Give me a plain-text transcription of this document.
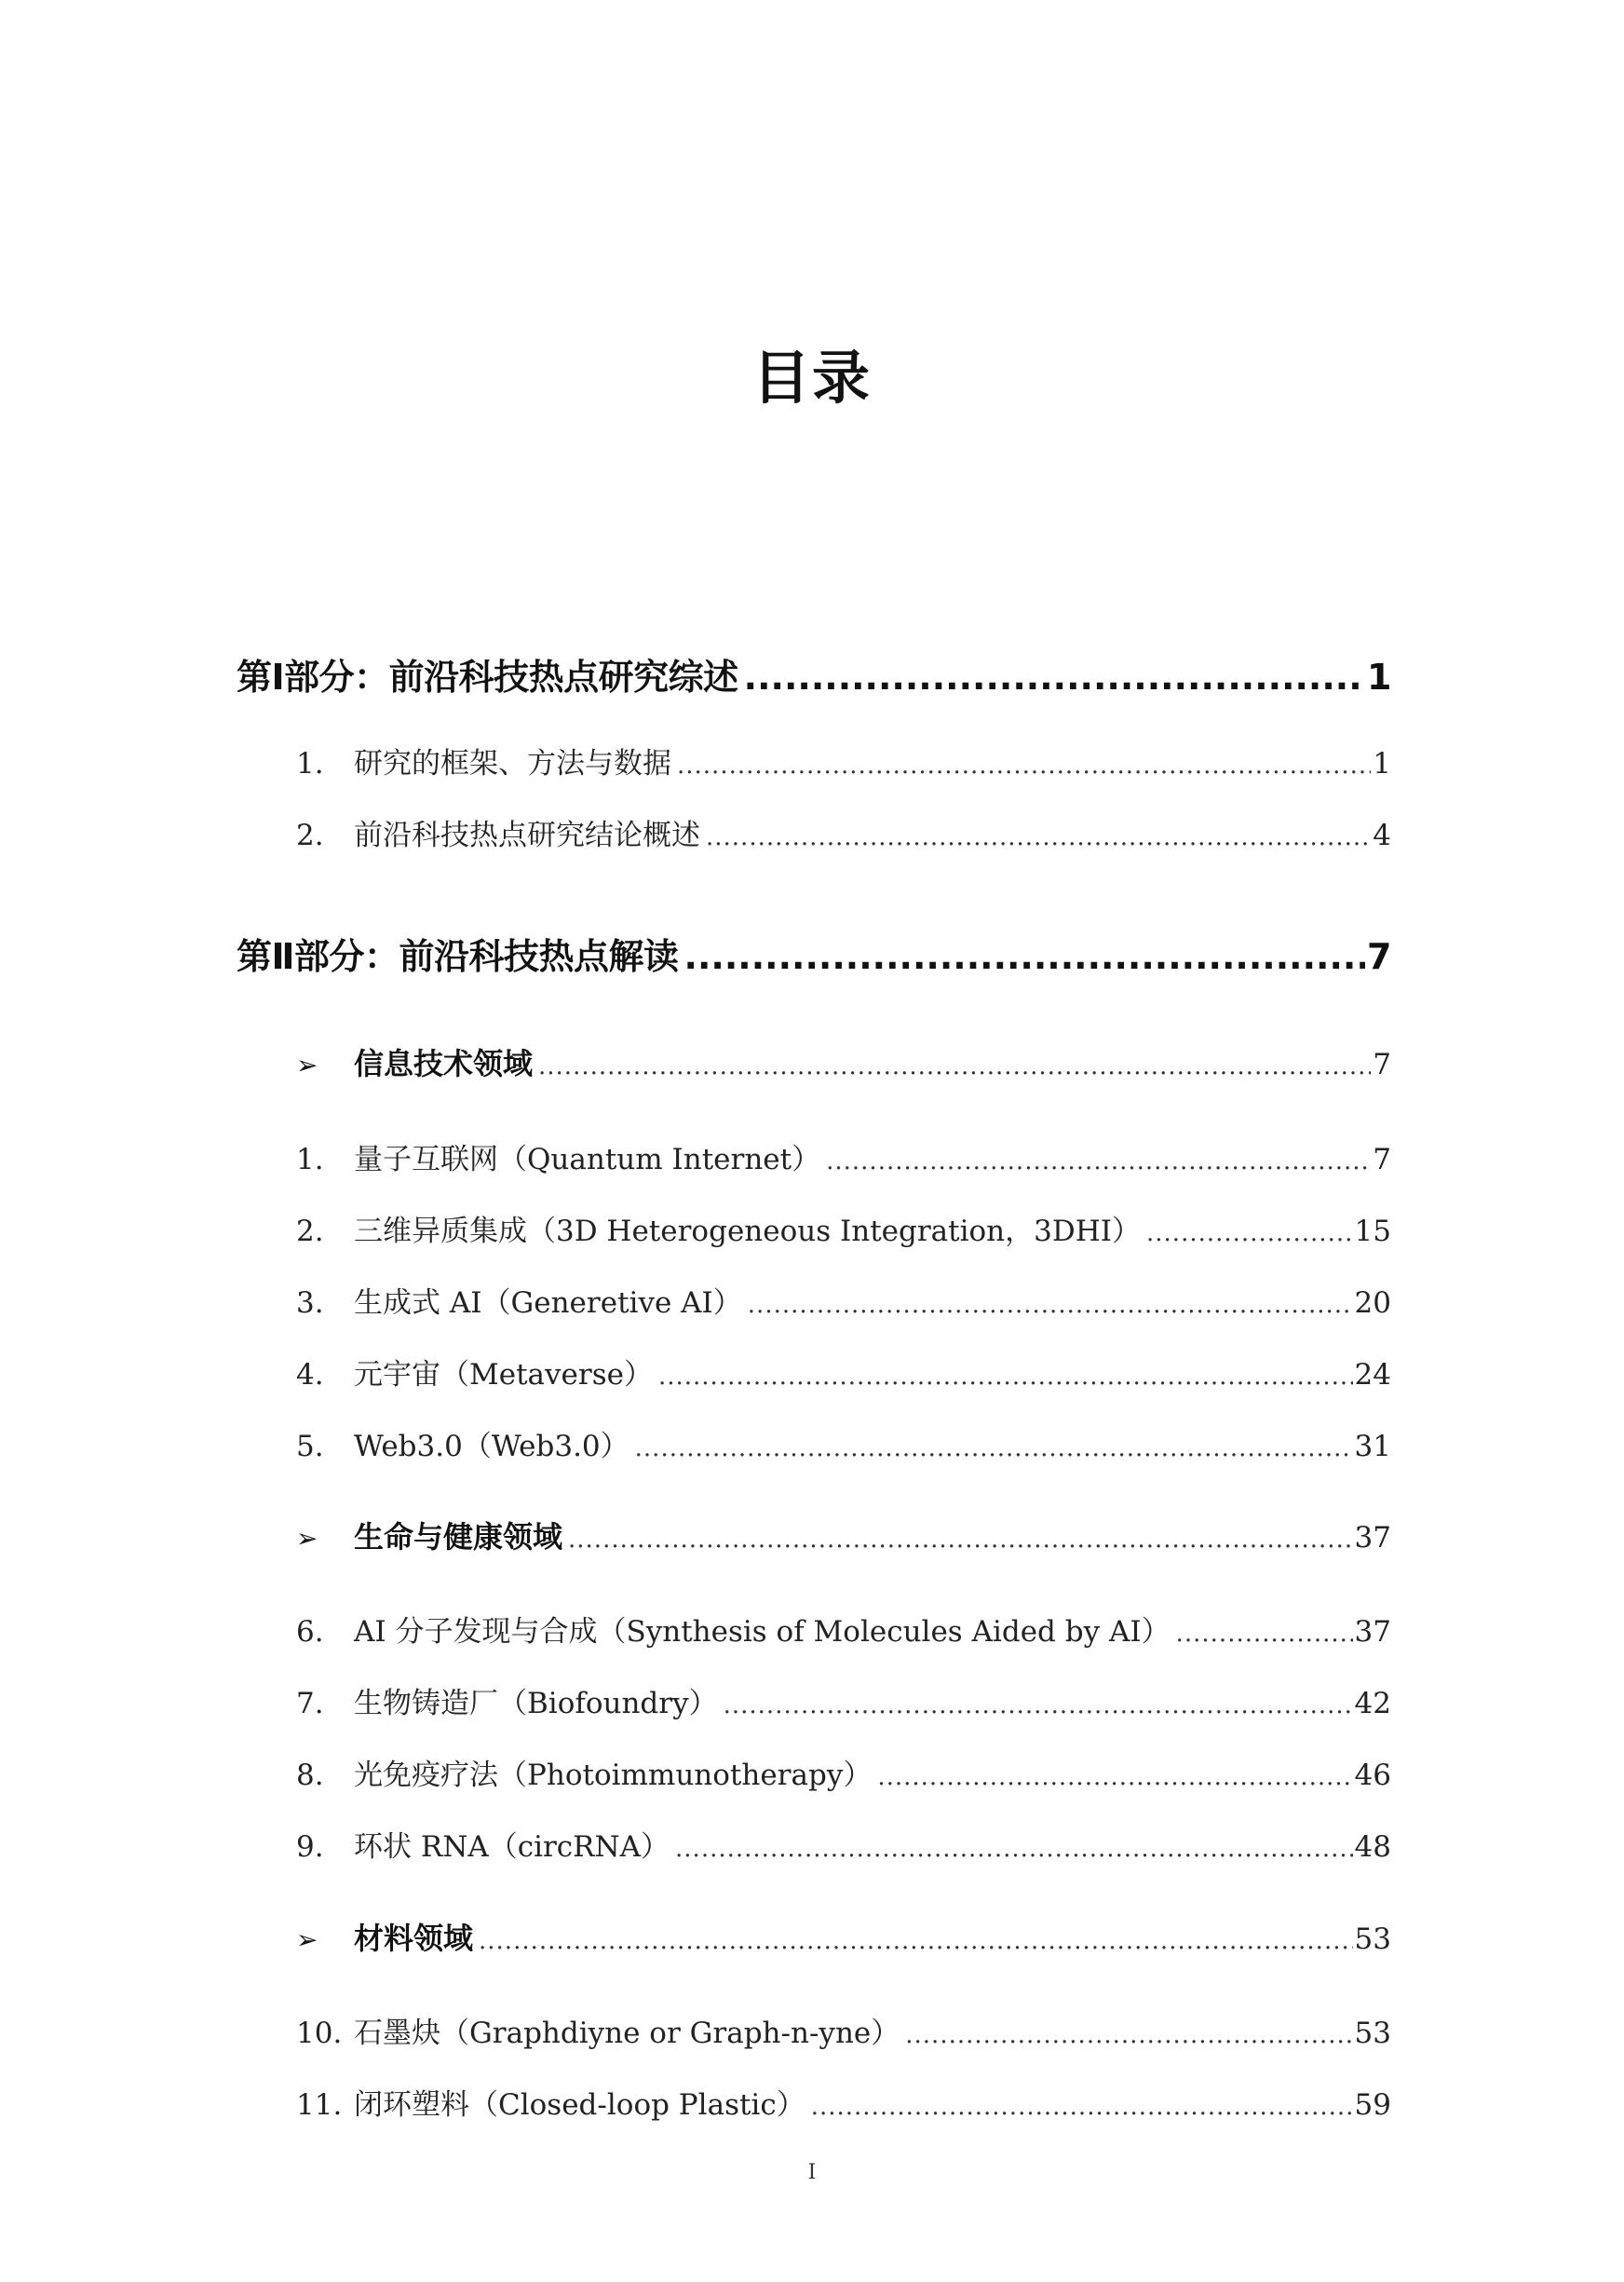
目录
第Ⅰ部分：前沿科技热点研究综述 .....	1
1.	研究的框架、方法与数据 .....	1
2.	前沿科技热点研究结论概述 .....	4
第Ⅱ部分：前沿科技热点解读 .....	7
➢	信息技术领域 .....	7
1.	量子互联网（Quantum Internet） .....	7
2.	三维异质集成（3D Heterogeneous Integration，3DHI） .....	15
3.	生成式 AI（Generetive AI） .....	20
4.	元宇宙（Metaverse） .....	24
5.	Web3.0（Web3.0） .....	31
➢	生命与健康领域 .....	37
6.	AI 分子发现与合成（Synthesis of Molecules Aided by AI） .....	37
7.	生物铸造厂（Biofoundry） .....	42
8.	光免疫疗法（Photoimmunotherapy） .....	46
9.	环状 RNA（circRNA） .....	48
➢	材料领域 .....	53
10. 石墨炔（Graphdiyne or Graph-n-yne） .....	53
11. 闭环塑料（Closed-loop Plastic） .....	59
I
